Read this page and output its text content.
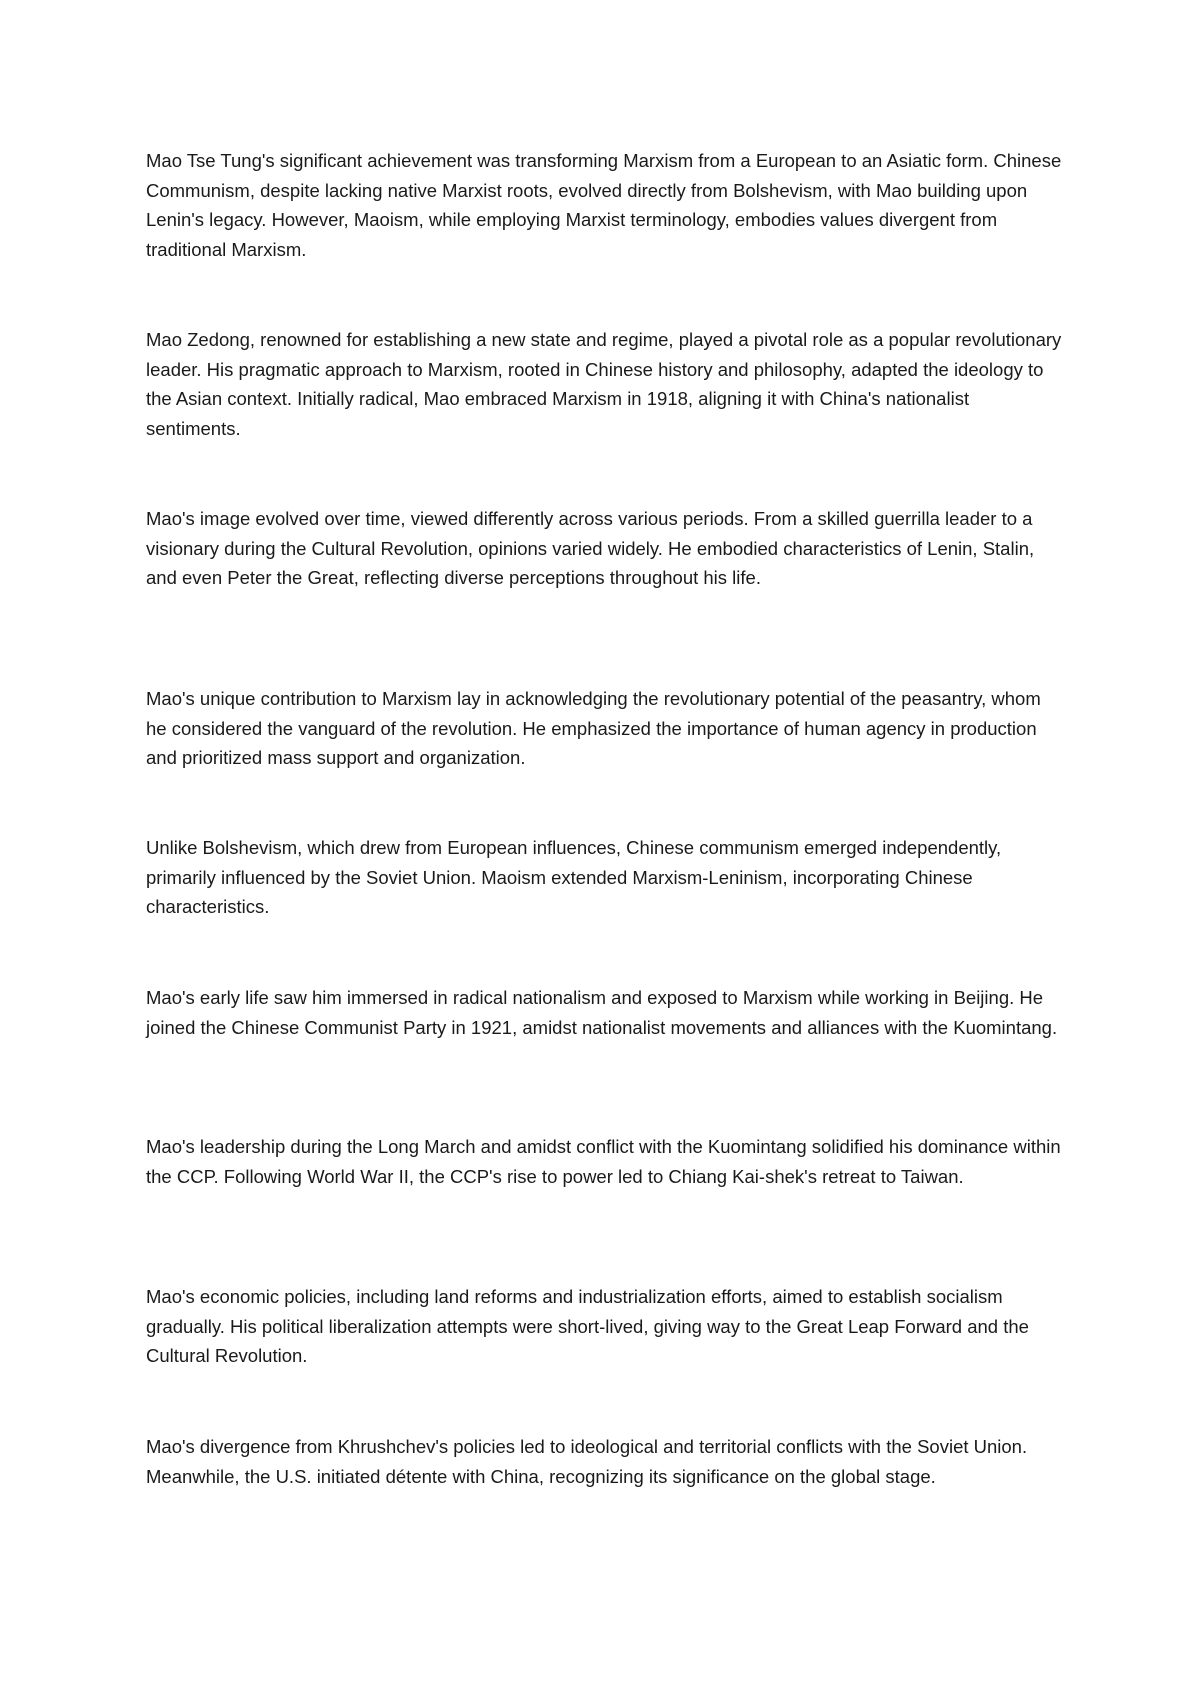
Mao Tse Tung's significant achievement was transforming Marxism from a European to an Asiatic form. Chinese Communism, despite lacking native Marxist roots, evolved directly from Bolshevism, with Mao building upon Lenin's legacy. However, Maoism, while employing Marxist terminology, embodies values divergent from traditional Marxism.

Mao Zedong, renowned for establishing a new state and regime, played a pivotal role as a popular revolutionary leader. His pragmatic approach to Marxism, rooted in Chinese history and philosophy, adapted the ideology to the Asian context. Initially radical, Mao embraced Marxism in 1918, aligning it with China's nationalist sentiments.

Mao's image evolved over time, viewed differently across various periods. From a skilled guerrilla leader to a visionary during the Cultural Revolution, opinions varied widely. He embodied characteristics of Lenin, Stalin, and even Peter the Great, reflecting diverse perceptions throughout his life.

Mao's unique contribution to Marxism lay in acknowledging the revolutionary potential of the peasantry, whom he considered the vanguard of the revolution. He emphasized the importance of human agency in production and prioritized mass support and organization.

Unlike Bolshevism, which drew from European influences, Chinese communism emerged independently, primarily influenced by the Soviet Union. Maoism extended Marxism-Leninism, incorporating Chinese characteristics.

Mao's early life saw him immersed in radical nationalism and exposed to Marxism while working in Beijing. He joined the Chinese Communist Party in 1921, amidst nationalist movements and alliances with the Kuomintang.

Mao's leadership during the Long March and amidst conflict with the Kuomintang solidified his dominance within the CCP. Following World War II, the CCP's rise to power led to Chiang Kai-shek's retreat to Taiwan.

Mao's economic policies, including land reforms and industrialization efforts, aimed to establish socialism gradually. His political liberalization attempts were short-lived, giving way to the Great Leap Forward and the Cultural Revolution.

Mao's divergence from Khrushchev's policies led to ideological and territorial conflicts with the Soviet Union. Meanwhile, the U.S. initiated détente with China, recognizing its significance on the global stage.
